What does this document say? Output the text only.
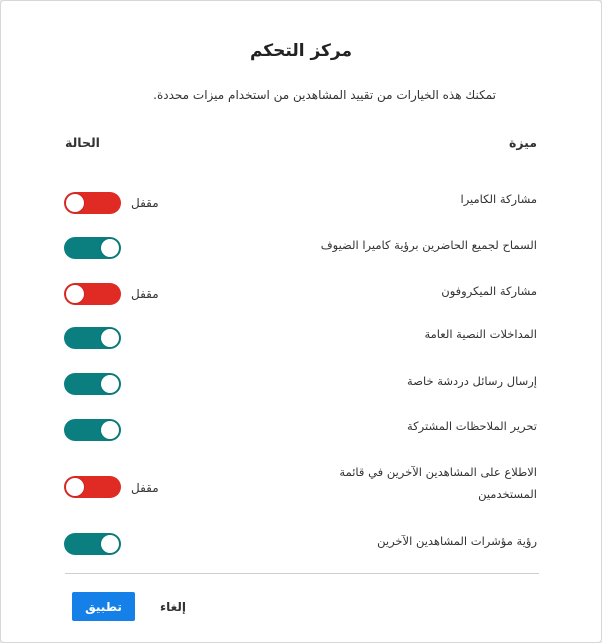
مركز التحكم
تمكنك هذه الخيارات من تقييد المشاهدين من استخدام ميزات محددة.
ميزة
الحالة
مشاركة الكاميرا
مقفل
السماح لجميع الحاضرين برؤية كاميرا الضيوف
مشاركة الميكروفون
مقفل
المداخلات النصية العامة
إرسال رسائل دردشة خاصة
تحرير الملاحظات المشتركة
الاطلاع على المشاهدين الآخرين في قائمة المستخدمين
مقفل
رؤية مؤشرات المشاهدين الآخرين
تطبيق	إلغاء
